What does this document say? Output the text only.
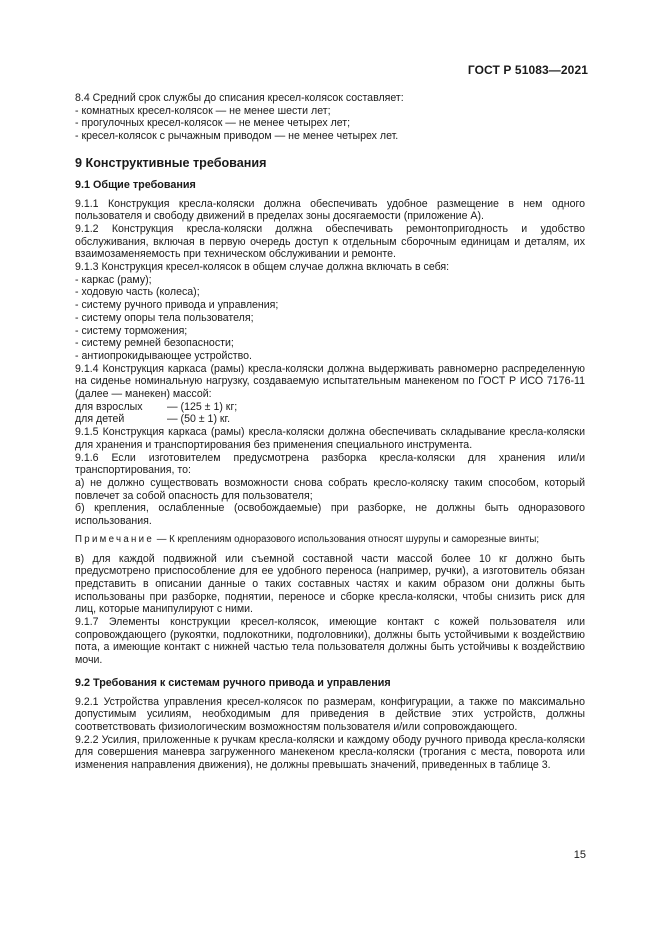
ГОСТ Р 51083—2021

8.4 Средний срок службы до списания кресел-колясок составляет:

- комнатных кресел-колясок — не менее шести лет;

- прогулочных кресел-колясок — не менее четырех лет;

- кресел-колясок с рычажным приводом — не менее четырех лет.

9 Конструктивные требования

9.1 Общие требования

9.1.1 Конструкция кресла-коляски должна обеспечивать удобное размещение в нем одного пользователя и свободу движений в пределах зоны досягаемости (приложение А).

9.1.2 Конструкция кресла-коляски должна обеспечивать ремонтопригодность и удобство обслуживания, включая в первую очередь доступ к отдельным сборочным единицам и деталям, их взаимозаменяемость при техническом обслуживании и ремонте.

9.1.3 Конструкция кресел-колясок в общем случае должна включать в себя:

- каркас (раму);

- ходовую часть (колеса);

- систему ручного привода и управления;

- систему опоры тела пользователя;

- систему торможения;

- систему ремней безопасности;

- антиопрокидывающее устройство.

9.1.4 Конструкция каркаса (рамы) кресла-коляски должна выдерживать равномерно распределенную на сиденье номинальную нагрузку, создаваемую испытательным манекеном по ГОСТ Р ИСО 7176-11 (далее — манекен) массой:

для взрослых	— (125 ± 1) кг;
для детей	— (50 ± 1) кг.

9.1.5 Конструкция каркаса (рамы) кресла-коляски должна обеспечивать складывание кресла-коляски для хранения и транспортирования без применения специального инструмента.

9.1.6 Если изготовителем предусмотрена разборка кресла-коляски для хранения или/и транспортирования, то:

а) не должно существовать возможности снова собрать кресло-коляску таким способом, который повлечет за собой опасность для пользователя;

б) крепления, ослабленные (освобождаемые) при разборке, не должны быть одноразового использования.

Примечание — К креплениям одноразового использования относят шурупы и саморезные винты;

в) для каждой подвижной или съемной составной части массой более 10 кг должно быть предусмотрено приспособление для ее удобного переноса (например, ручки), а изготовитель обязан представить в описании данные о таких составных частях и каким образом они должны быть использованы при разборке, поднятии, переносе и сборке кресла-коляски, чтобы снизить риск для лиц, которые манипулируют с ними.

9.1.7 Элементы конструкции кресел-колясок, имеющие контакт с кожей пользователя или сопровождающего (рукоятки, подлокотники, подголовники), должны быть устойчивыми к воздействию пота, а имеющие контакт с нижней частью тела пользователя должны быть устойчивы к воздействию мочи.

9.2 Требования к системам ручного привода и управления

9.2.1 Устройства управления кресел-колясок по размерам, конфигурации, а также по максимально допустимым усилиям, необходимым для приведения в действие этих устройств, должны соответствовать физиологическим возможностям пользователя и/или сопровождающего.

9.2.2 Усилия, приложенные к ручкам кресла-коляски и каждому ободу ручного привода кресла-коляски для совершения маневра загруженного манекеном кресла-коляски (трогания с места, поворота или изменения направления движения), не должны превышать значений, приведенных в таблице 3.

15
